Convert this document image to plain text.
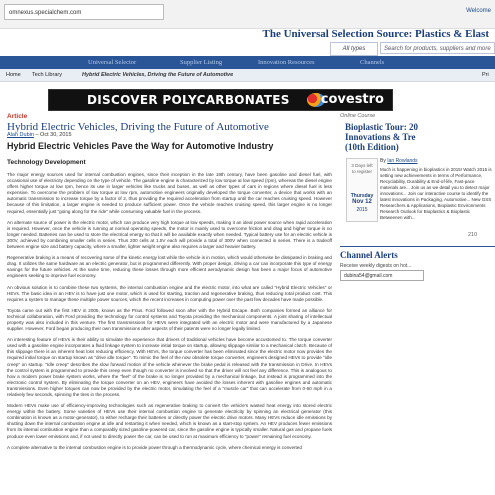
omnexus.specialchem.com	Welcome
The Universal Selection Source: Plastics & Elast
All types	Search for products, suppliers and more
Universal Selector	Supplier Listing	Innovation Resources	Channels
Home Tech Library	Hybrid Electric Vehicles, Driving the Future of Automotive	Pri
DISCOVER POLYCARBONATES covestro
Article
Hybrid Electric Vehicles, Driving the Future of Automotive
Alan Dubin – Oct 30, 2015
Hybrid Electric Vehicles Pave the Way for Automotive Industry
Technology Development

The major energy sources used for internal combustion engines, since their inception in the late 19th century, have been gasoline and diesel fuel, with occasional use of electricity depending on the type of vehicle. The gasoline engine is characterized by low torque at low speed (rpm), whereas the diesel engine offers higher torque at low rpm, hence its use in larger vehicles like trucks and buses, as well as other types of cars in regions where diesel fuel is less expensive. To overcome the problem of low torque at low rpm, automotive engineers originally developed the torque converter, a device that works with an automatic transmission to increase torque by a factor of 2, thus providing the required acceleration from startup until the car reaches cruising speed. However because of this limitation, a larger engine is needed to produce sufficient power. Once the vehicle reaches cruising speed, this larger engine is no longer required, essentially just "going along for the ride" while consuming valuable fuel in the process.

An alternate source of power is the electric motor, which can produce very high torque at low speeds, making it an ideal power source when rapid acceleration is required. However, once the vehicle is running at normal operating speeds, the motor is mainly used to overcome friction and drag and higher torque is no longer needed. Batteries can be used to store the electrical energy so that it will be available exactly when needed. Typical battery use for an electric vehicle is 300V, achieved by combining smaller cells in series. Thus 200 cells at 1.5V each will provide a total of 300V when connected in series. There is a tradeoff between engine size and battery capacity, where a smaller, lighter weight engine also requires a larger and heavier battery.

Regenerative braking is a means of recovering some of the kinetic energy lost while the vehicle is in motion, which would otherwise be dissipated in braking and drag. It utilizes the same hardware as an electric generator, but is programmed differently. With proper design, driving a car can incorporate this type of energy savings for the future vehicles. At the same time, reducing these losses through more efficient aerodynamic design has been a major focus of automotive engineers seeking to improve fuel economy.

An obvious solution is to combine these two systems, the internal combustion engine and the electric motor, into what are called "Hybrid Electric Vehicles" or HEVs. The basic idea in an HEV is to have just one motor, which is used for starting, traction and regenerative braking, thus reducing total product cost. This requires a system to manage these multiple power sources, which the recent increases in computing power over the past few decades have made possible.

Toyota came out with the first HEV in 2005, known as the Prius. Ford followed soon after with the Hybrid Escape. Both companies formed an alliance for technical collaboration, with Ford providing the technology for control systems and Toyota providing the mechanical components. A joint sharing of intellectual property was also included in this venture. The first transmissions for HEVs were integrated with an electric motor and were manufactured by a Japanese supplier. However, Ford began producing their own transmissions after aspects of their patents were no longer legally limited.

An interesting feature of HEVs is their ability to simulate the experience that drivers of traditional vehicles have become accustomed to. The torque converter used with a gasoline engine incorporates a fluid linkage system to increase initial torque on startup, allowing slippage similar to a mechanical clutch. Because of this slippage there is an inherent heat loss reducing efficiency. With HEVs, the torque converter has been eliminated since the electric motor now provides the required initial torque on startup known as "drive idle torque". To mimic the feel of the now obsolete torque converter, engineers designed HEVs to provide "idle creep" on startup. "Idle creep" describes the slow forward motion of the vehicle whenever the brake pedal is released with the transmission in Drive. In HEVs the control system is programmed to provide this creep even though no converter is involved so that the driver will not feel any difference. This is analogous to how a modern power brake system works, where the "feel" of the brake is no longer provided by a mechanical linkage, but instead is programmed into the electronic control system. By eliminating the torque converter on an HEV, engineers have avoided the losses inherent with gasoline engines and automatic transmissions. Even higher torques can now be provided by the electric motor, simulating the feel of a "muscle car" that can accelerate from 0-60 mph in a relatively few seconds, spinning the tires in the process.

Modern HEVs make use of efficiency-improving technologies such as regenerative braking to convert the vehicle's wasted heat energy into stored electric energy within the battery. Some varieties of HEVs use their internal combustion engine to generate electricity by spinning an electrical generator (this combination is known as a motor-generator), to either recharge their batteries or directly power the electric drive motors. Many HEVs reduce idle emissions by shutting down the internal combustion engine at idle and restarting it when needed, which is known as a start-stop system. An HEV produces fewer emissions from its internal combustion engine than a comparably sized gasoline-powered car, since the gasoline engine is typically smaller. Natural gas and propane fuels produce even lower emissions and, if not used to directly power the car, can be used to run at maximum efficiency to "power" remaining fuel economy.

A complete alternative to the internal combustion engine is to provide power through a thermodynamic cycle, where chemical energy is converted

Online Course
Bioplastic Tour: 20
Innovations & Tre
(10th Edition)
3 Days left
to register
Thursday
Nov 12
2015
By Ian Rowlands

Much is happening in bioplastics in 2015! Watch 2015 is setting new achievements in terms of Performance, Recyclability, Durability & End-of-life, Fast-pace materials are... Join us as we detail you to detect major innovations... Join our interactive course to identify the latest innovations in Packaging, Automotive... New GSS Researchers & Applications, Bioplastic Environments Research Outlook for Bioplastics & Bioplastic Betweenen with...

210
Channel Alerts
Receive weekly digests on hot...
dubina54@gmail.com
